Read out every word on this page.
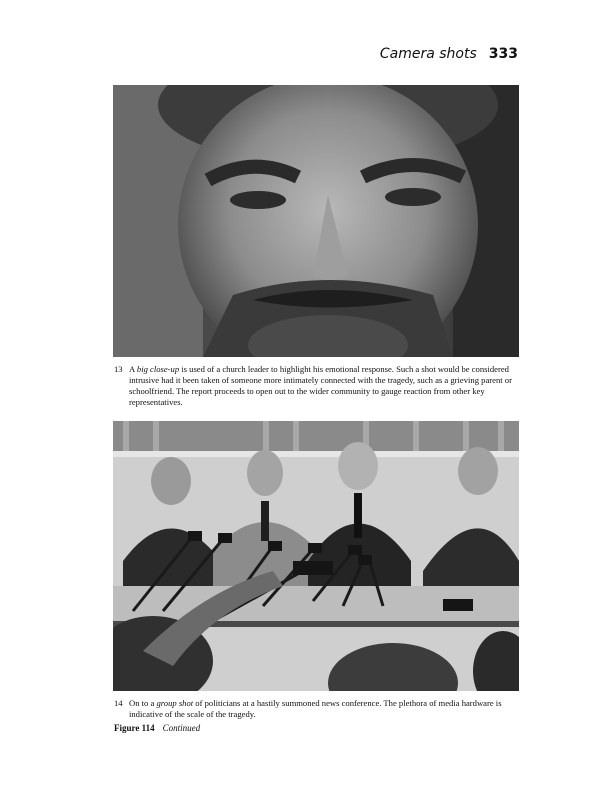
Camera shots 333
13 A big close-up is used of a church leader to highlight his emotional response. Such a shot would be considered intrusive had it been taken of someone more intimately connected with the tragedy, such as a grieving parent or schoolfriend. The report proceeds to open out to the wider community to gauge reaction from other key representatives.
14 On to a group shot of politicians at a hastily summoned news conference. The plethora of media hardware is indicative of the scale of the tragedy.
Figure 114 Continued
